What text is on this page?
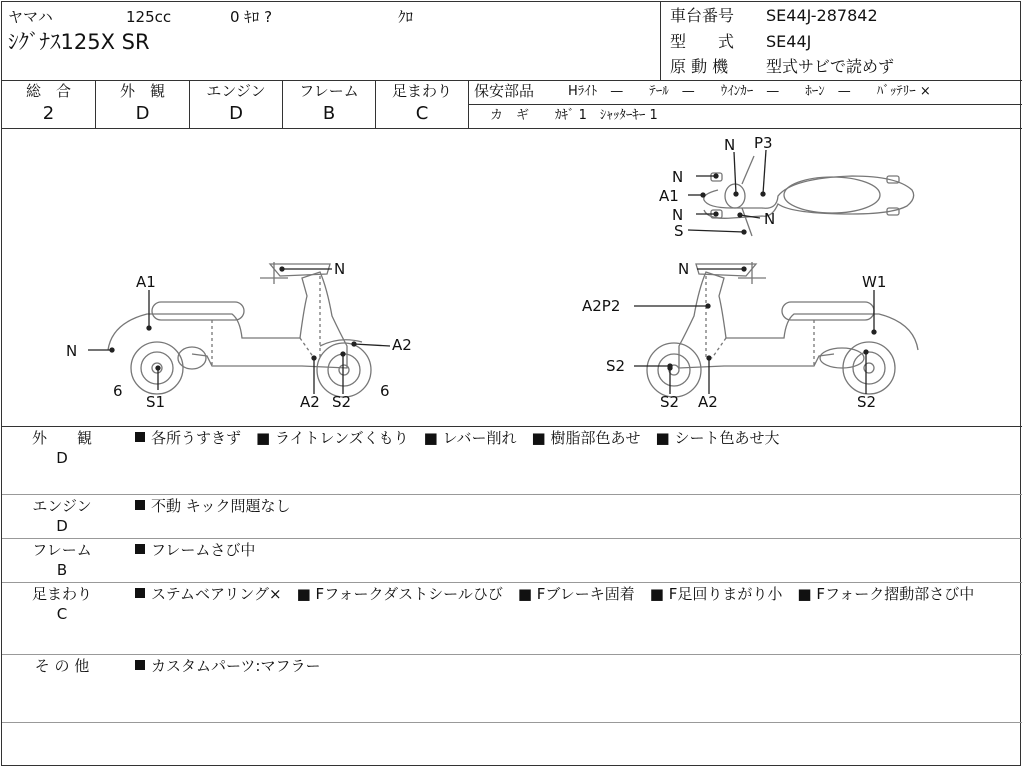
ヤマハ	125cc	0 ｷﾛ ?	ｸﾛ
ｼｸﾞﾅｽ125X SR
車台番号 SE44J-287842
型　　式 SE44J
原 動 機 型式サビで読めず
総　合
2
外　観
D
エンジン
D
フレーム
B
足まわり
C
保安部品	Hﾗｲﾄ　—　　ﾃｰﾙ　—　　ｳｲﾝｶｰ　—　　ﾎｰﾝ　—　　ﾊﾞｯﾃﾘｰ ×
カ　ギ　　ｶｷﾞ 1　ｼｬｯﾀｰｷｰ 1
N P3
N
A1
N	N
S
N
A1
N	A2
6	6
S1	A2 S2
N
W1
A2P2
S2
S2 A2	S2
外　　観
D
各所うすきず　■ ライトレンズくもり　■ レバー削れ　■ 樹脂部色あせ　■ シート色あせ大
エンジン
D
不動 キック問題なし
フレーム
B
フレームさび中
足まわり
C
ステムベアリング×　■ Fフォークダストシールひび　■ Fブレーキ固着　■ F足回りまがり小　■ Fフォーク摺動部さび中
そ の 他	カスタムパーツ:マフラー
